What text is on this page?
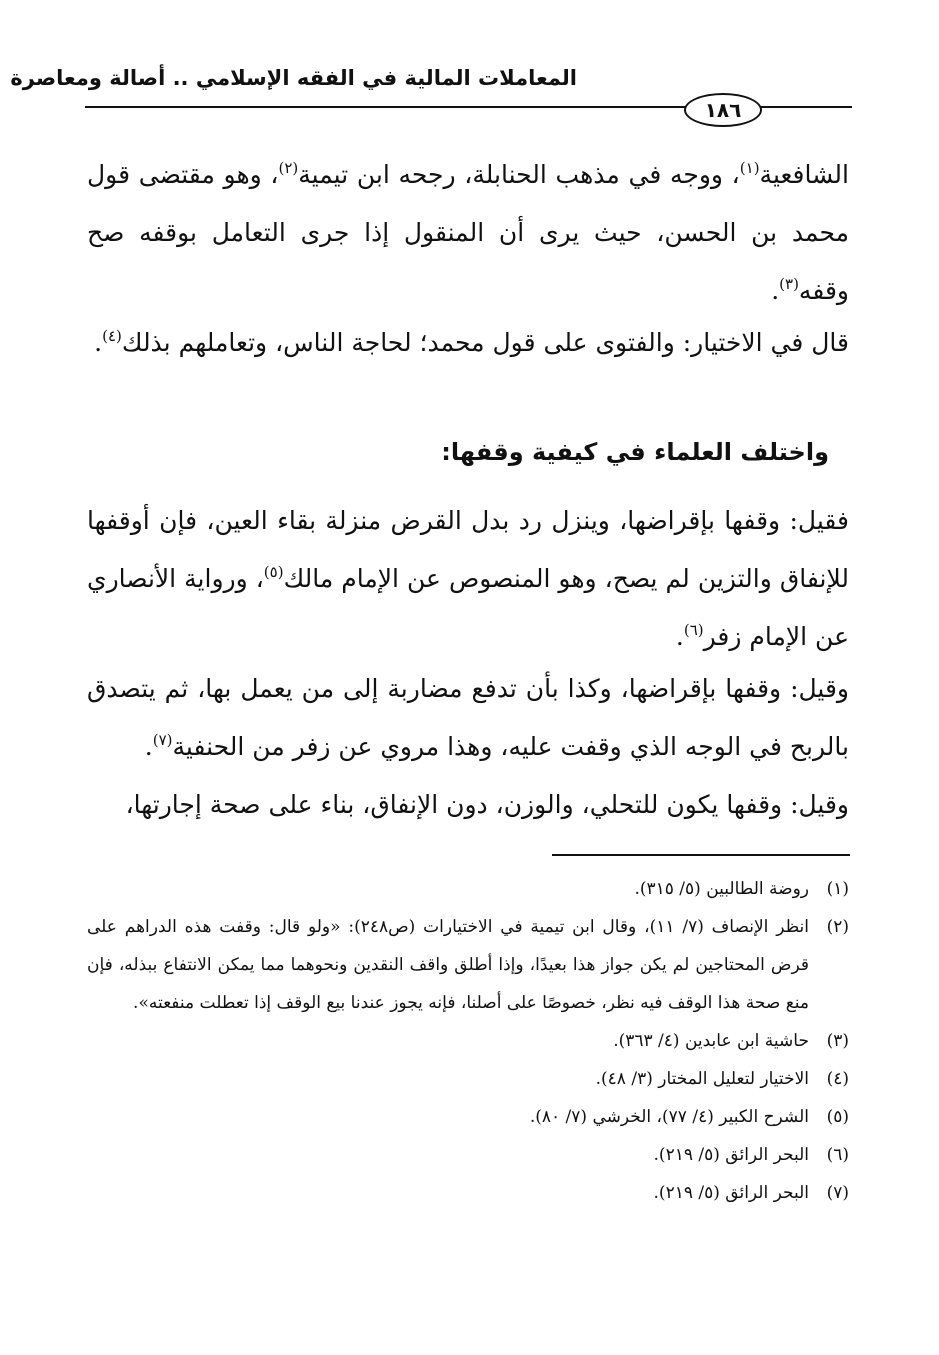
المعاملات المالية في الفقه الإسلامي .. أصالة ومعاصرة
١٨٦

الشافعية$^{(١)}$، ووجه في مذهب الحنابلة، رجحه ابن تيمية$^{(٢)}$، وهو مقتضى قول محمد بن الحسن، حيث يرى أن المنقول إذا جرى التعامل بوقفه صح وقفه$^{(٣)}$.

قال في الاختيار: والفتوى على قول محمد؛ لحاجة الناس، وتعاملهم بذلك$^{(٤)}$.

واختلف العلماء في كيفية وقفها:

فقيل: وقفها بإقراضها، وينزل رد بدل القرض منزلة بقاء العين، فإن أوقفها للإنفاق والتزين لم يصح، وهو المنصوص عن الإمام مالك$^{(٥)}$، ورواية الأنصاري عن الإمام زفر$^{(٦)}$.

وقيل: وقفها بإقراضها، وكذا بأن تدفع مضاربة إلى من يعمل بها، ثم يتصدق بالربح في الوجه الذي وقفت عليه، وهذا مروي عن زفر من الحنفية$^{(٧)}$.

وقيل: وقفها يكون للتحلي، والوزن، دون الإنفاق، بناء على صحة إجارتها،

(١)
روضة الطالبين (٥/ ٣١٥).
(٢)
انظر الإنصاف (٧/ ١١)، وقال ابن تيمية في الاختيارات (ص٢٤٨): «ولو قال: وقفت هذه الدراهم على قرض المحتاجين لم يكن جواز هذا بعيدًا، وإذا أطلق واقف النقدين ونحوهما مما يمكن الانتفاع ببذله، فإن منع صحة هذا الوقف فيه نظر، خصوصًا على أصلنا، فإنه يجوز عندنا بيع الوقف إذا تعطلت منفعته».
(٣)
حاشية ابن عابدين (٤/ ٣٦٣).
(٤)
الاختيار لتعليل المختار (٣/ ٤٨).
(٥)
الشرح الكبير (٤/ ٧٧)، الخرشي (٧/ ٨٠).
(٦)
البحر الرائق (٥/ ٢١٩).
(٧)
البحر الرائق (٥/ ٢١٩).
